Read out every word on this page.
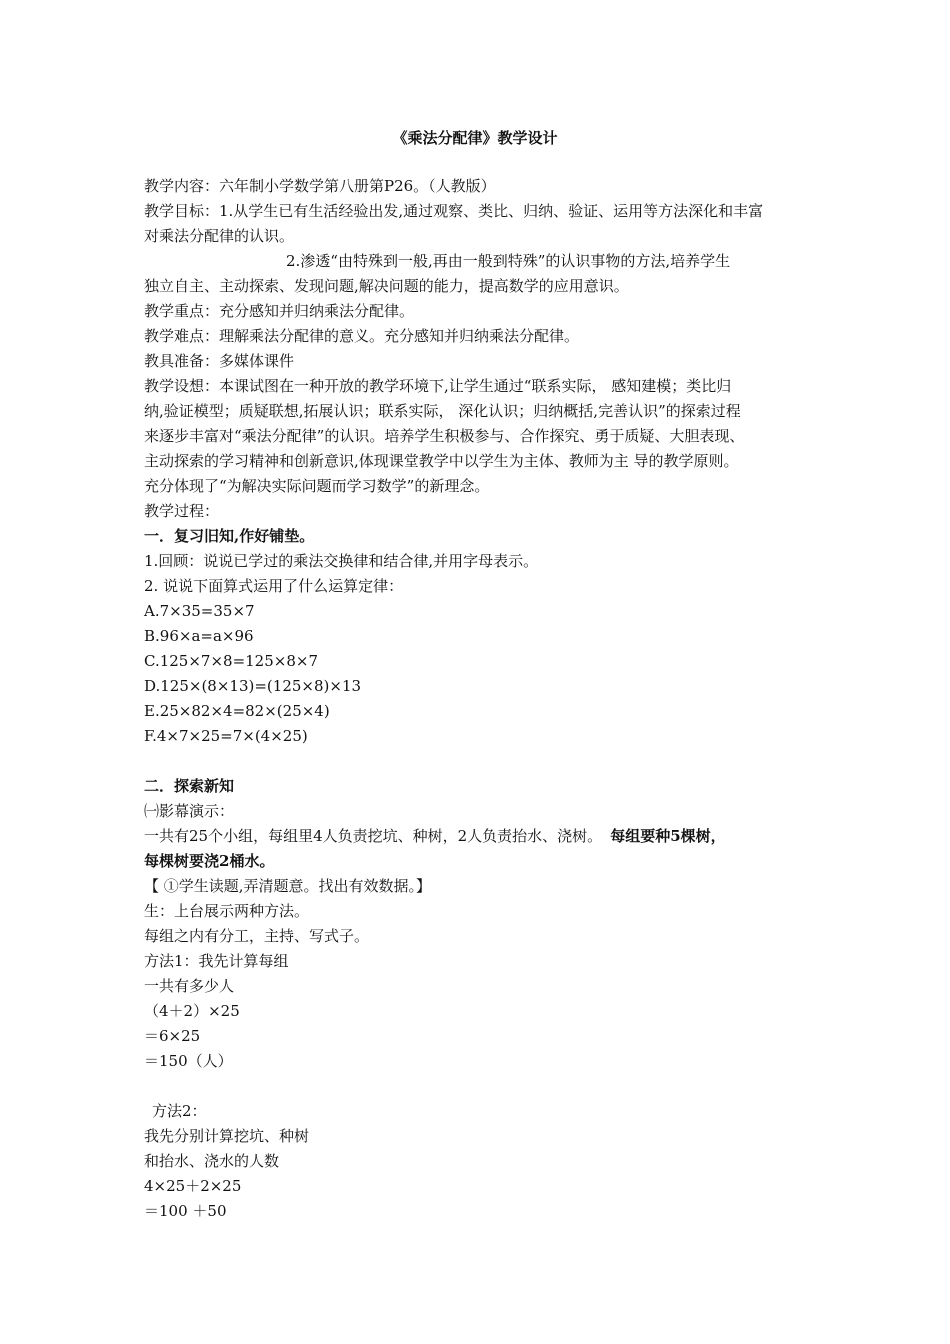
《乘法分配律》教学设计
教学内容：六年制小学数学第八册第P26。（人教版）
教学目标：1.从学生已有生活经验出发,通过观察、类比、归纳、验证、运用等方法深化和丰富
对乘法分配律的认识。
2.渗透“由特殊到一般,再由一般到特殊”的认识事物的方法,培养学生
独立自主、主动探索、发现问题,解决问题的能力，提高数学的应用意识。
教学重点：充分感知并归纳乘法分配律。
教学难点：理解乘法分配律的意义。充分感知并归纳乘法分配律。
教具准备：多媒体课件
教学设想：本课试图在一种开放的教学环境下,让学生通过“联系实际， 感知建模；类比归
纳,验证模型；质疑联想,拓展认识；联系实际， 深化认识；归纳概括,完善认识”的探索过程
来逐步丰富对“乘法分配律”的认识。培养学生积极参与、合作探究、勇于质疑、大胆表现、
主动探索的学习精神和创新意识,体现课堂教学中以学生为主体、教师为主 导的教学原则。
充分体现了“为解决实际问题而学习数学”的新理念。
教学过程：
一．复习旧知,作好铺垫。
1.回顾：说说已学过的乘法交换律和结合律,并用字母表示。
2. 说说下面算式运用了什么运算定律：
A.7×35=35×7
B.96×a=a×96
C.125×7×8=125×8×7
D.125×(8×13)=(125×8)×13
E.25×82×4=82×(25×4)
F.4×7×25=7×(4×25)
二．探索新知
㈠影幕演示：
一共有25个小组，每组里4人负责挖坑、种树，2人负责抬水、浇树。 每组要种5棵树，
每棵树要浇2桶水。
【 ①学生读题,弄清题意。找出有效数据。】
生：上台展示两种方法。
每组之内有分工，主持、写式子。
方法1：我先计算每组
一共有多少人
（4＋2）×25
＝6×25
＝150（人）
方法2：
我先分别计算挖坑、种树
和抬水、浇水的人数
4×25＋2×25
＝100 ＋50
